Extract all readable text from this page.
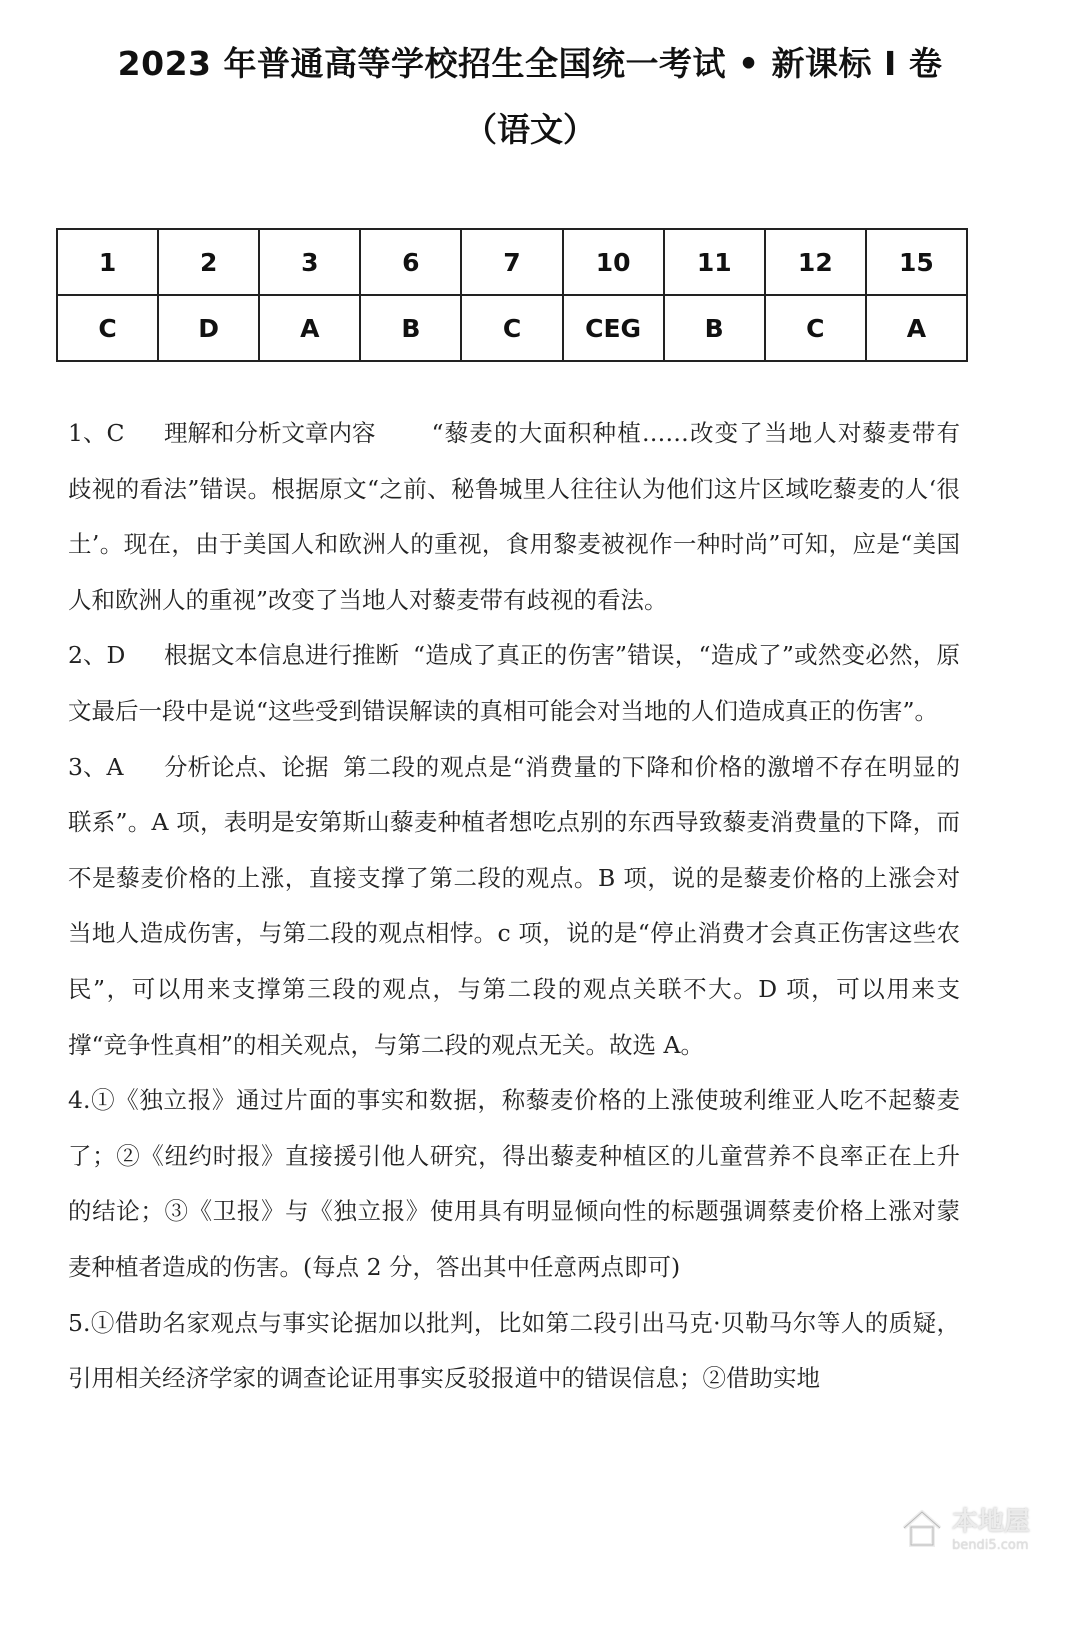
2023 年普通高等学校招生全国统一考试 • 新课标 I 卷
（语文）
1	2	3	6	7	10	11	12	15
C	D	A	B	C	CEG	B	C	A

1、C 理解和分析文章内容 “藜麦的大面积种植……改变了当地人对藜麦带有歧视的看法”错误。根据原文“之前、秘鲁城里人往往认为他们这片区域吃藜麦的人‘很土’。现在，由于美国人和欧洲人的重视，食用黎麦被视作一种时尚”可知，应是“美国人和欧洲人的重视”改变了当地人对藜麦带有歧视的看法。

2、D 根据文本信息进行推断 “造成了真正的伤害”错误，“造成了”或然变必然，原文最后一段中是说“这些受到错误解读的真相可能会对当地的人们造成真正的伤害”。

3、A 分析论点、论据 第二段的观点是“消费量的下降和价格的激增不存在明显的联系”。A 项，表明是安第斯山藜麦种植者想吃点别的东西导致藜麦消费量的下降，而不是藜麦价格的上涨，直接支撑了第二段的观点。B 项，说的是藜麦价格的上涨会对当地人造成伤害，与第二段的观点相悖。c 项，说的是“停止消费才会真正伤害这些农民”，可以用来支撑第三段的观点，与第二段的观点关联不大。D 项，可以用来支撑“竞争性真相”的相关观点，与第二段的观点无关。故选 A。

4.①《独立报》通过片面的事实和数据，称藜麦价格的上涨使玻利维亚人吃不起藜麦了；②《纽约时报》直接援引他人研究，得出藜麦种植区的儿童营养不良率正在上升的结论；③《卫报》与《独立报》使用具有明显倾向性的标题强调蔡麦价格上涨对蒙麦种植者造成的伤害。(每点 2 分，答出其中任意两点即可)

5.①借助名家观点与事实论据加以批判，比如第二段引出马克·贝勒马尔等人的质疑，引用相关经济学家的调查论证用事实反驳报道中的错误信息；②借助实地

本地屋
bendi5.com
